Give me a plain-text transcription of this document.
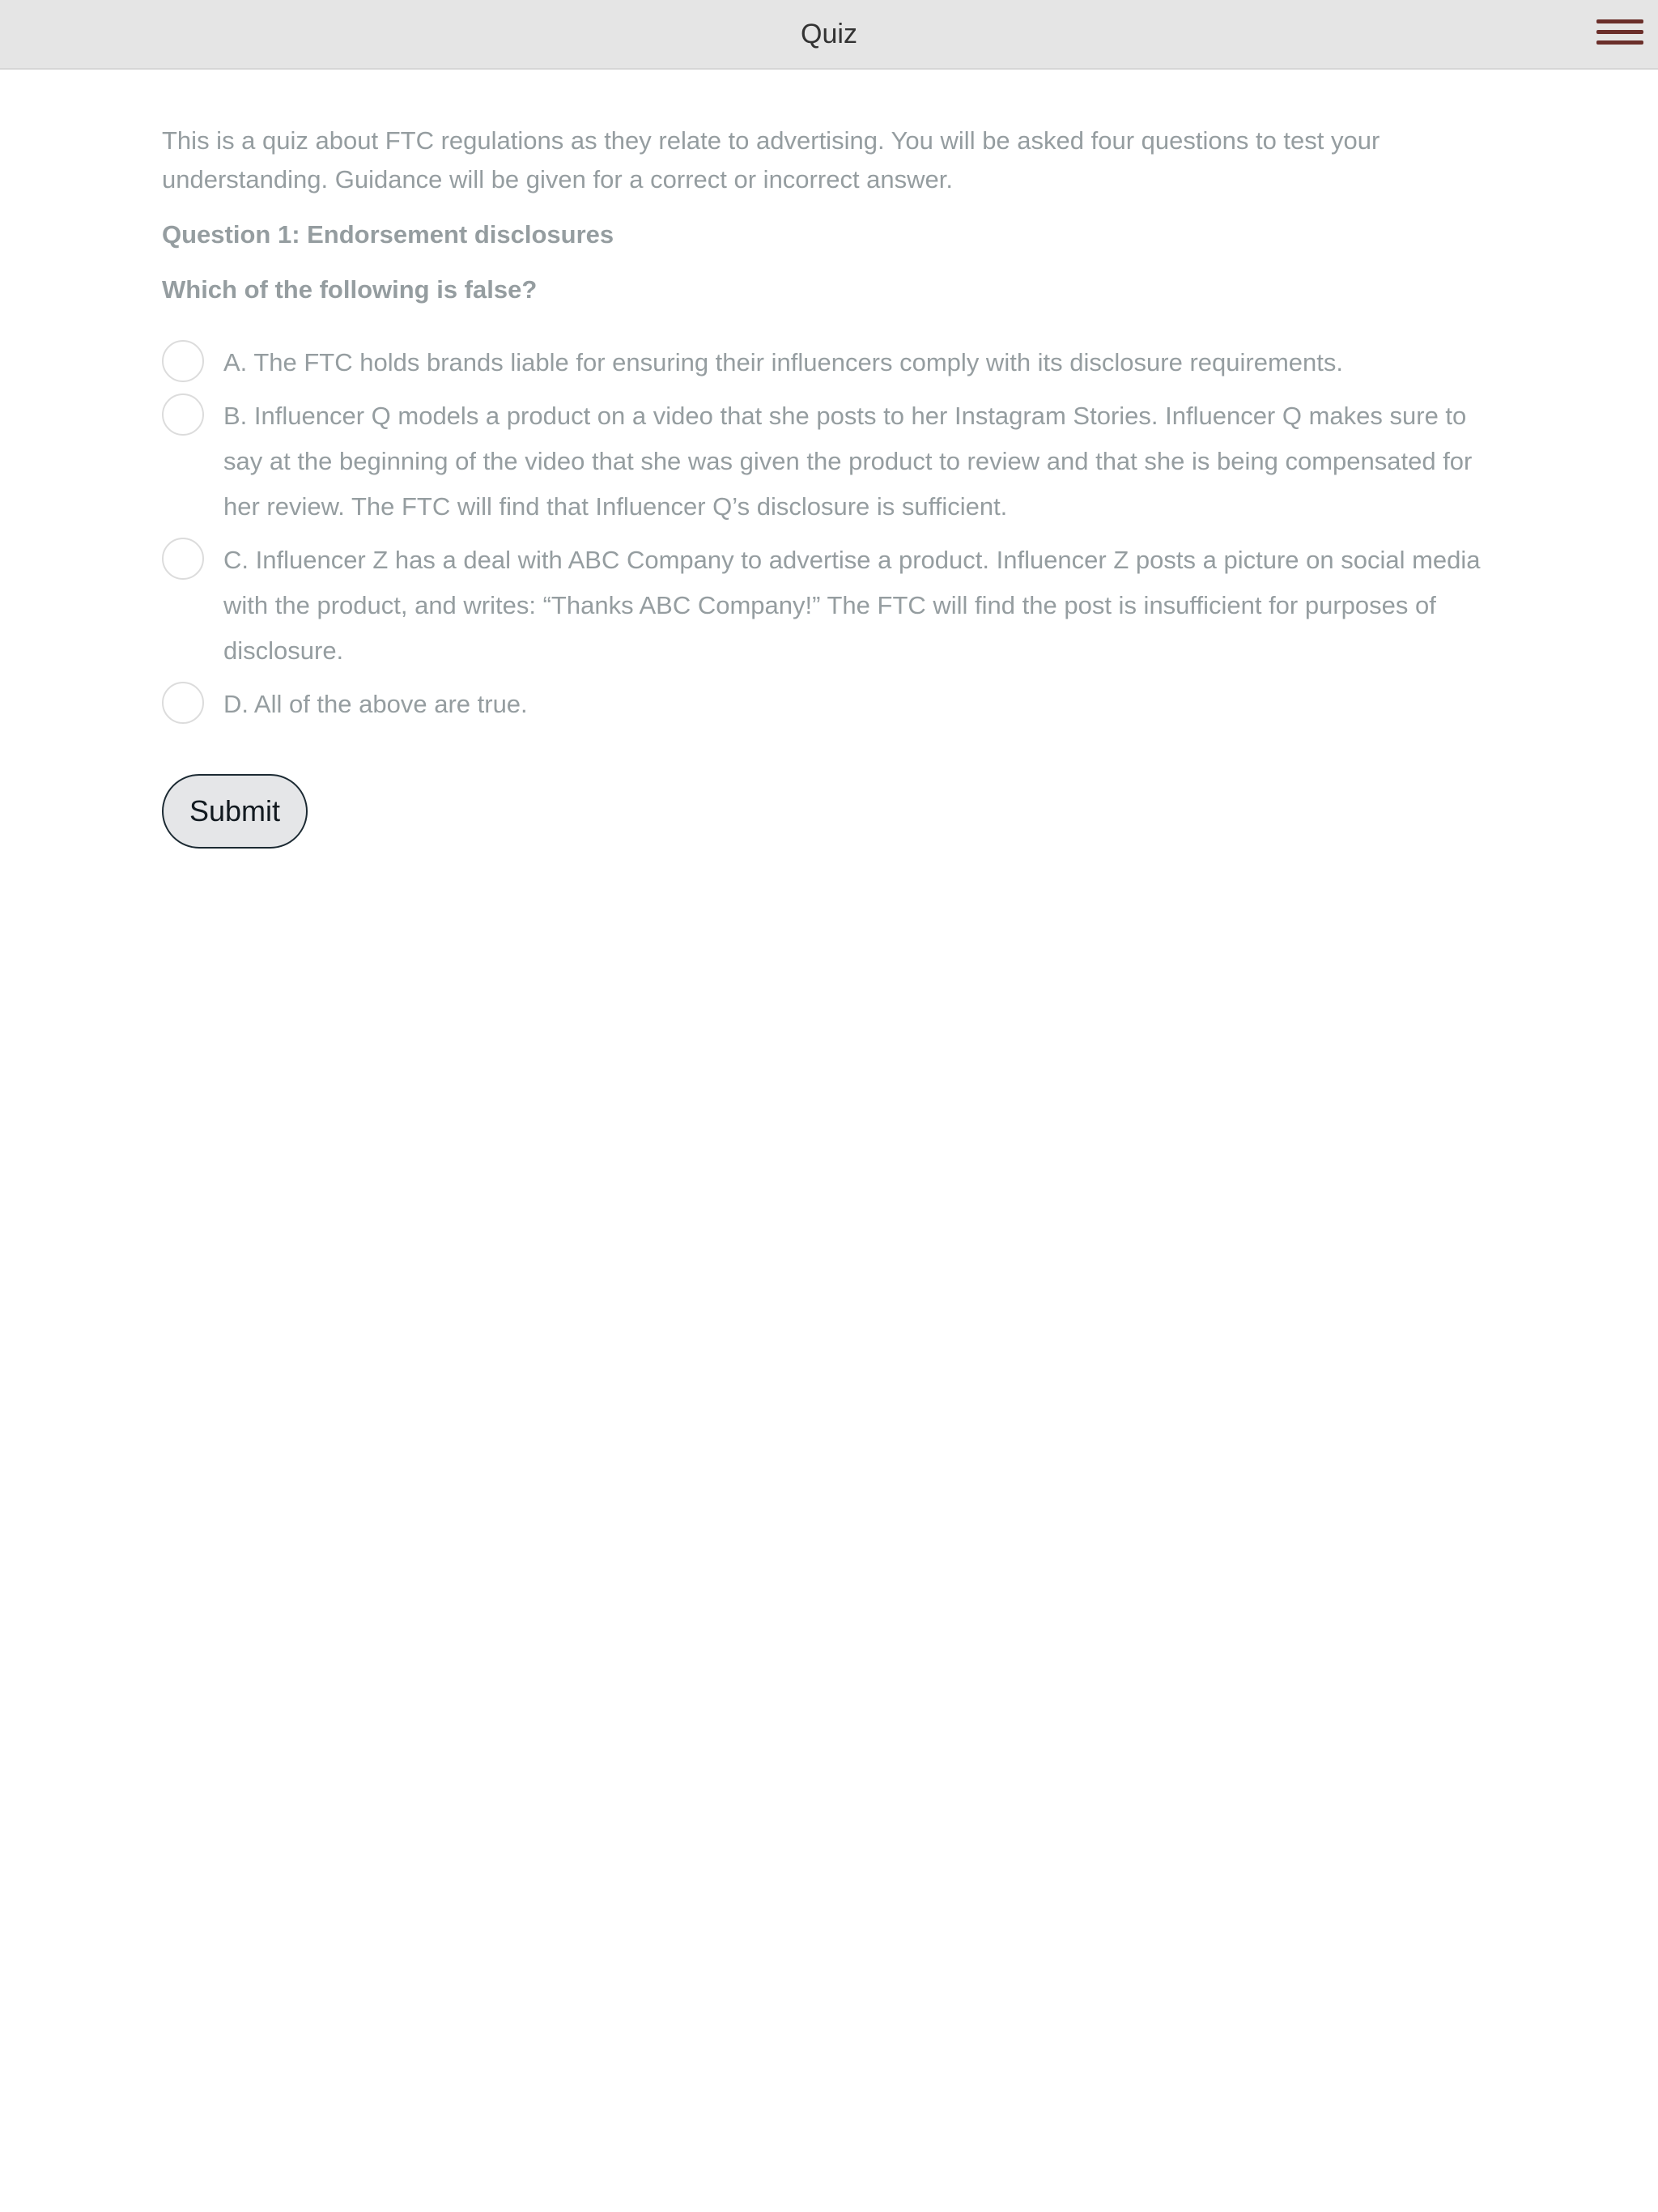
Quiz

This is a quiz about FTC regulations as they relate to advertising. You will be asked four questions to test your understanding. Guidance will be given for a correct or incorrect answer.

Question 1: Endorsement disclosures
Which of the following is false?
A. The FTC holds brands liable for ensuring their influencers comply with its disclosure requirements.
B. Influencer Q models a product on a video that she posts to her Instagram Stories. Influencer Q makes sure to say at the beginning of the video that she was given the product to review and that she is being compensated for her review. The FTC will find that Influencer Q’s disclosure is sufficient.
C. Influencer Z has a deal with ABC Company to advertise a product. Influencer Z posts a picture on social media with the product, and writes: “Thanks ABC Company!” The FTC will find the post is insufficient for purposes of disclosure.
D. All of the above are true.
Submit
